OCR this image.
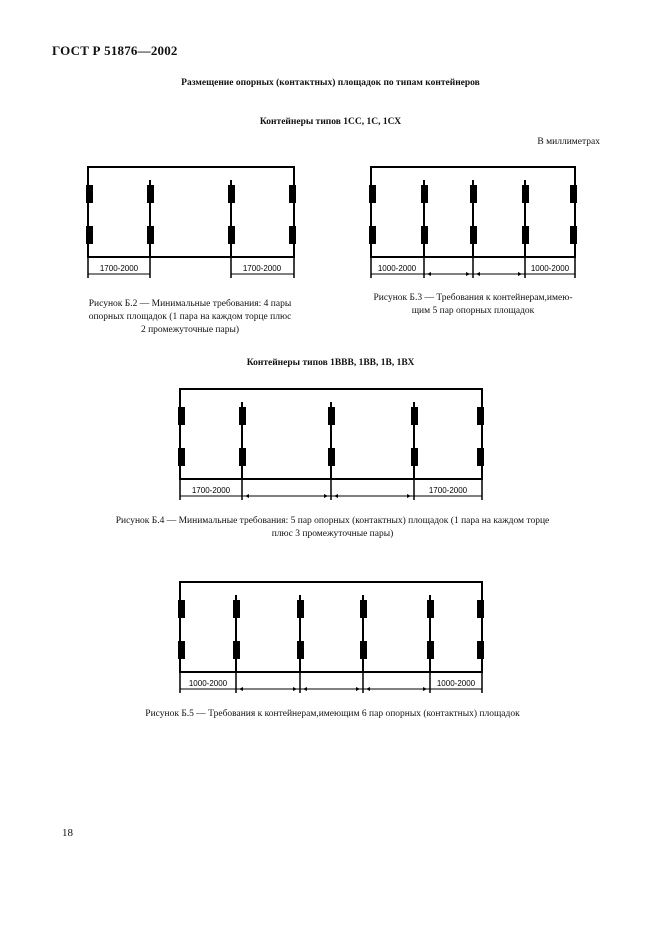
ГОСТ Р 51876—2002
Размещение опорных (контактных) площадок по типам контейнеров
Контейнеры типов 1СС, 1С, 1СХ
В миллиметрах
1700-2000	1700-2000	1000-2000	1000-2000
Рисунок Б.2 — Минимальные требования: 4 пары
опорных площадок (1 пара на каждом торце плюс
2 промежуточные пары)
Рисунок Б.3 — Требования к контейнерам,имею-
щим 5 пар опорных площадок
Контейнеры типов 1ВВВ, 1ВВ, 1В, 1ВХ
1700-2000	1700-2000
Рисунок Б.4 — Минимальные требования: 5 пар опорных (контактных) площадок (1 пара на каждом торце
плюс 3 промежуточные пары)
1000-2000	1000-2000
Рисунок Б.5 — Требования к контейнерам,имеющим 6 пар опорных (контактных) площадок
18
